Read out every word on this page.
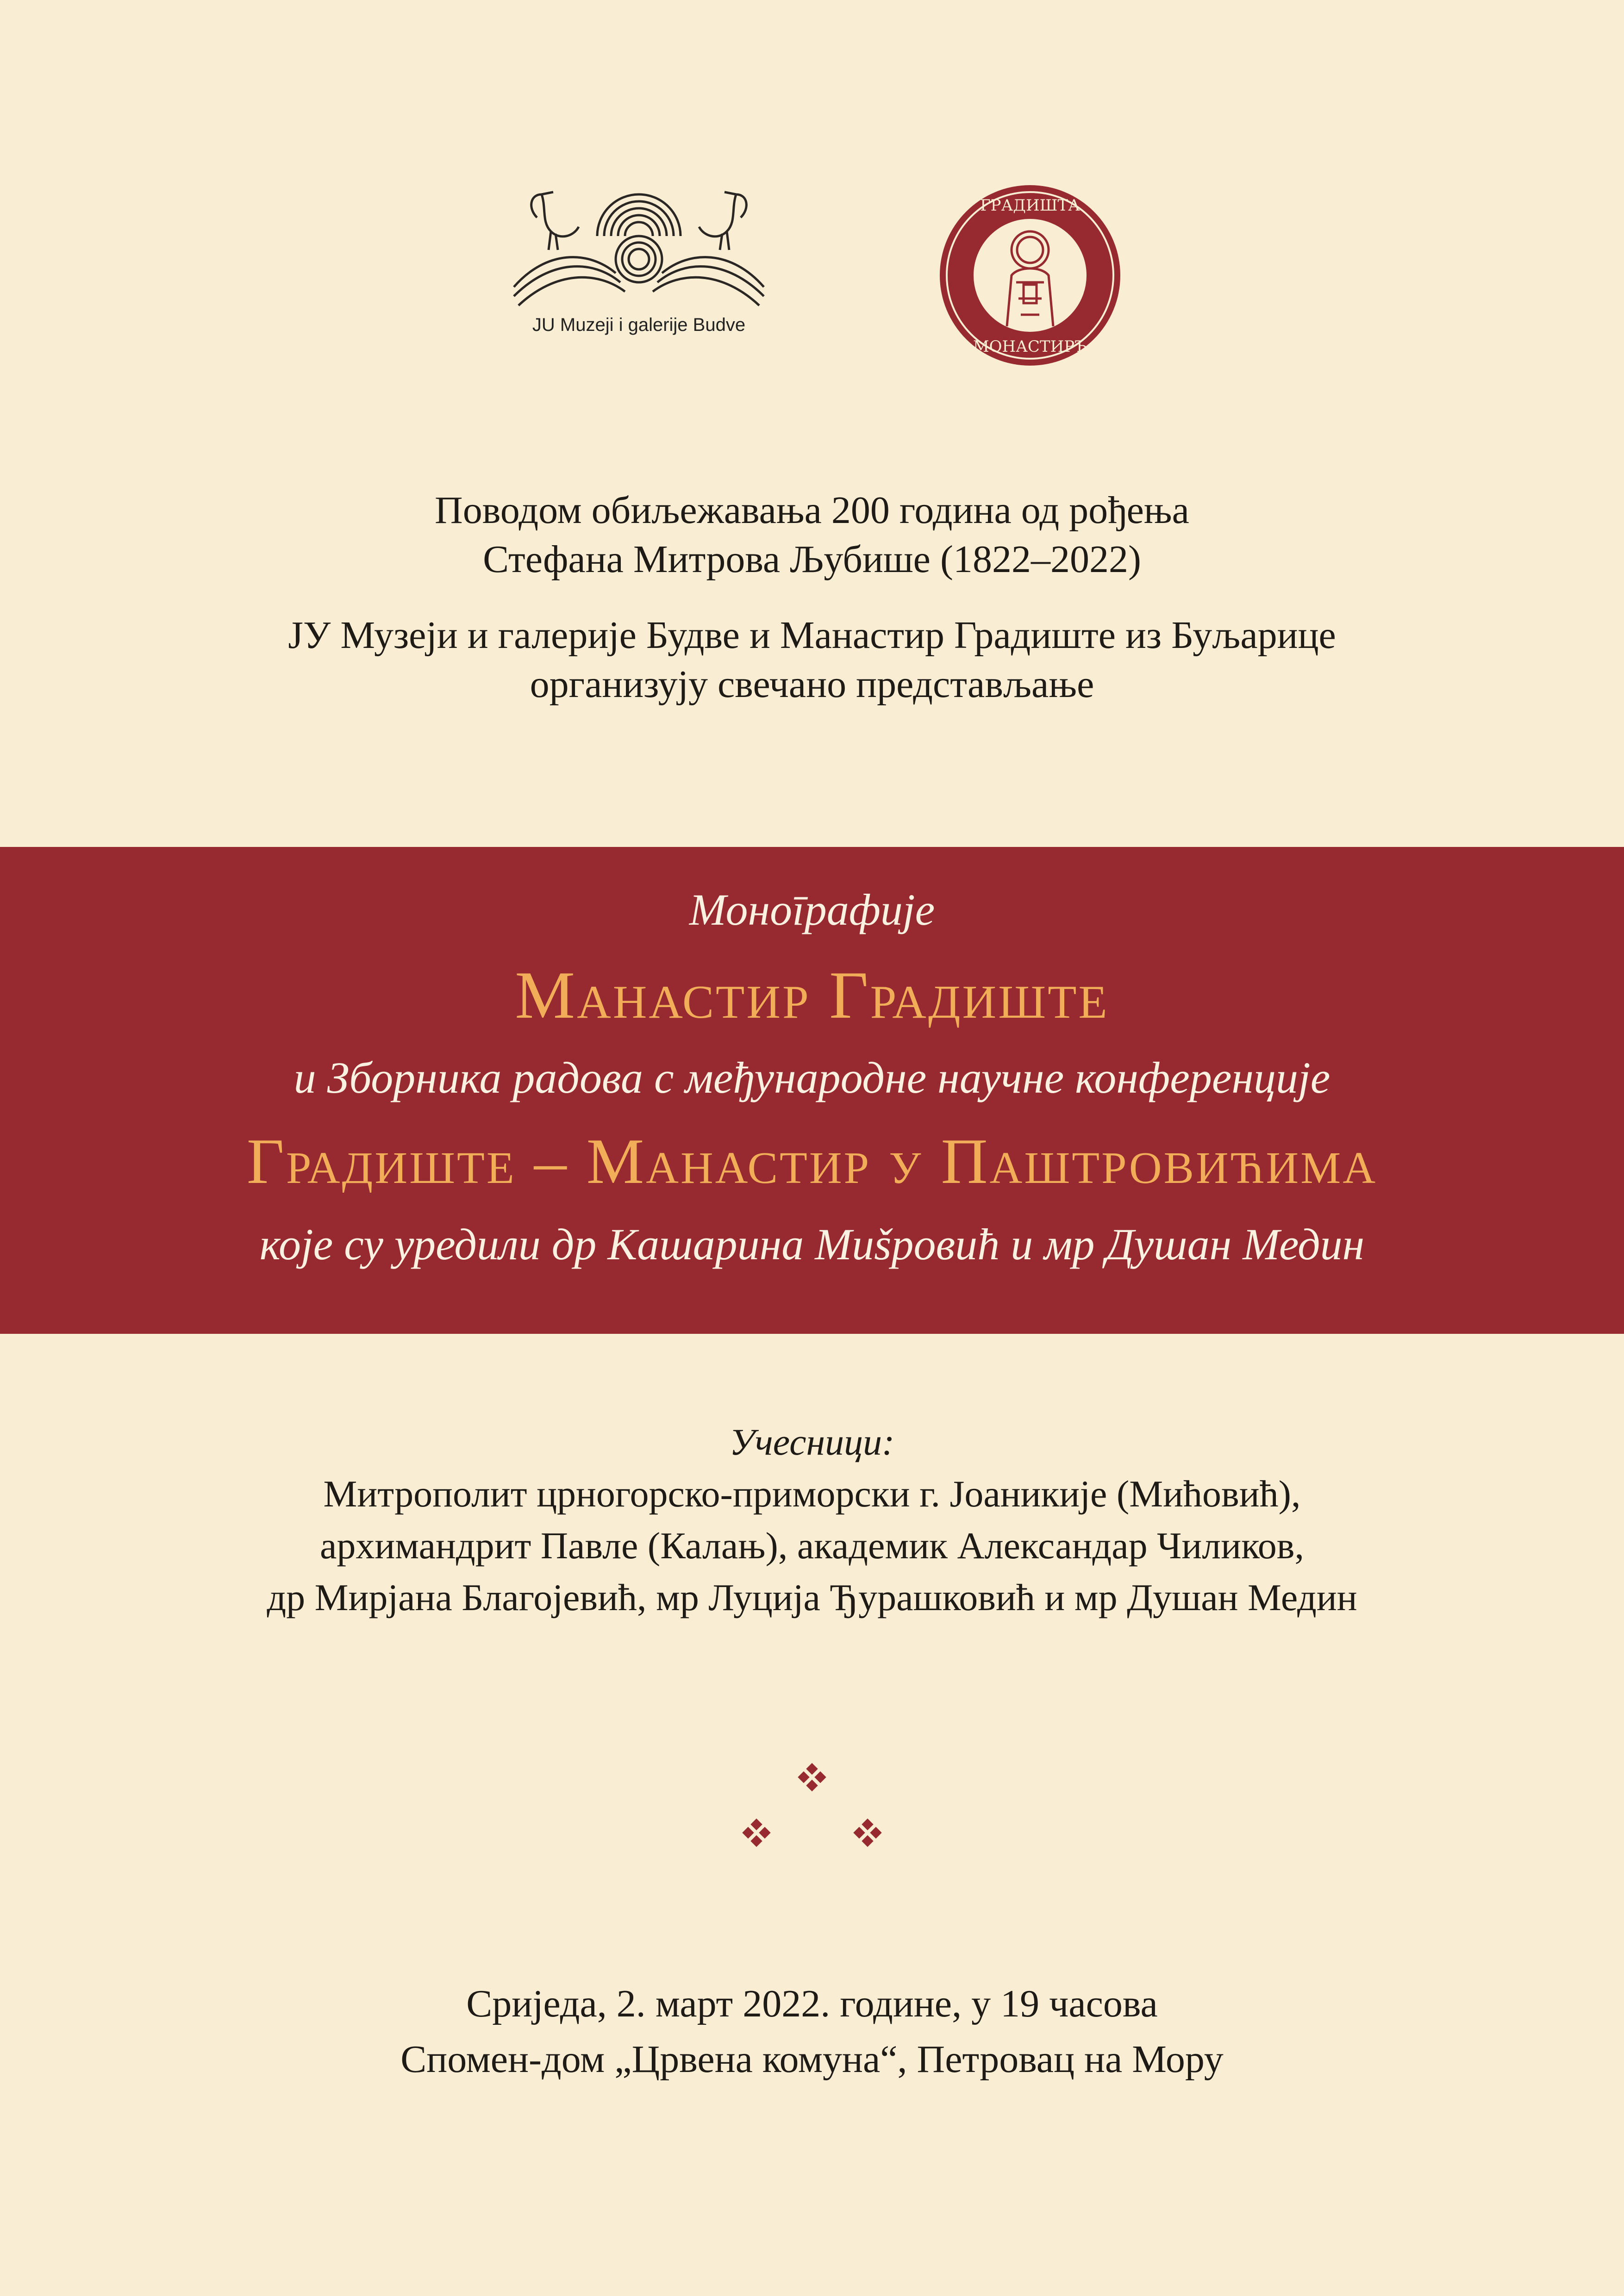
JU Muzeji i galerije Budve
ГРАДИШТА
МОНАСТИРЪ
Поводом обиљежавања 200 година од рођења
Стефана Митрова Љубише (1822–2022)
ЈУ Музеји и галерије Будве и Манастир Градиште из Буљарице
организују свечано представљање
Моноīрафије
Манастир Градиште
и Зборника радова с међународне научне конференције
Градиште – Манастир у Паштровићима
које су уредили др Кашарина Миšровић и мр Душан Медин
Учесници:
Митрополит црногорско-приморски г. Јоаникије (Мићовић),
архимандрит Павле (Калањ), академик Александар Чиликов,
др Мирјана Благојевић, мр Луција Ђурашковић и мр Душан Медин
Сриједа, 2. март 2022. године, у 19 часова
Спомен-дом „Црвена комуна“, Петровац на Мору
